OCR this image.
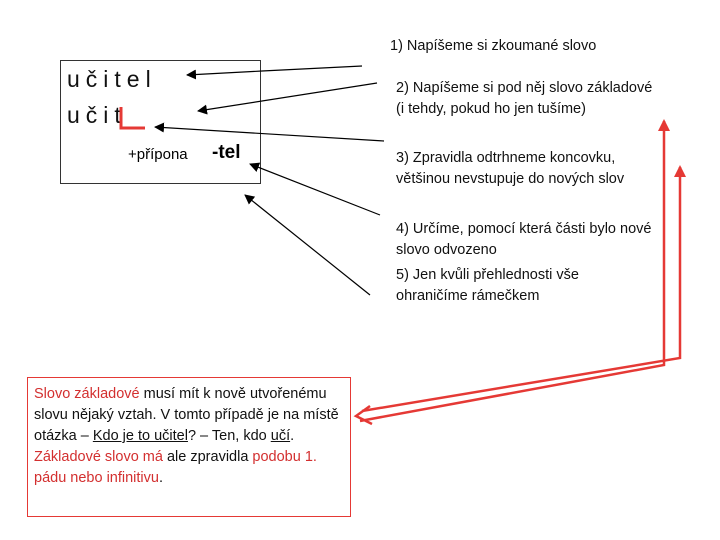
učitel
učit
+přípona -tel
1) Napíšeme si zkoumané slovo
2) Napíšeme si pod něj slovo základové (i tehdy, pokud ho jen tušíme)
3) Zpravidla odtrhneme koncovku, většinou nevstupuje do nových slov
4) Určíme, pomocí která části bylo nové slovo odvozeno
5) Jen kvůli přehlednosti vše ohraničíme rámečkem
Slovo základové musí mít k nově utvořenému slovu nějaký vztah. V tomto případě je na místě otázka – Kdo je to učitel? – Ten, kdo učí. Základové slovo má ale zpravidla podobu 1. pádu nebo infinitivu.
